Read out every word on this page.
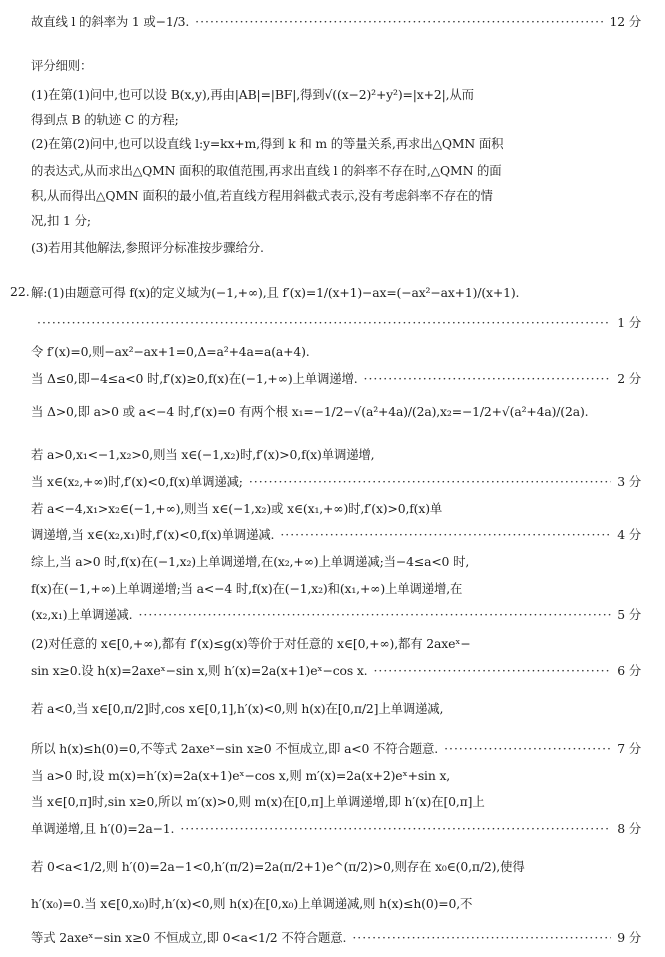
故直线 l 的斜率为 1 或−1/3. ·····	12 分
评分细则：
(1)在第(1)问中,也可以设 B(x,y),再由|AB|=|BF|,得到√((x−2)²+y²)=|x+2|,从而
得到点 B 的轨迹 C 的方程;
(2)在第(2)问中,也可以设直线 l:y=kx+m,得到 k 和 m 的等量关系,再求出△QMN 面积
的表达式,从而求出△QMN 面积的取值范围,再求出直线 l 的斜率不存在时,△QMN 的面
积,从而得出△QMN 面积的最小值,若直线方程用斜截式表示,没有考虑斜率不存在的情
况,扣 1 分;
(3)若用其他解法,参照评分标准按步骤给分.
22. 解:(1)由题意可得 f(x)的定义域为(−1,+∞),且 f′(x)=1/(x+1)−ax=(−ax²−ax+1)/(x+1).
·····
1 分
令 f′(x)=0,则−ax²−ax+1=0,Δ=a²+4a=a(a+4).
当 Δ≤0,即−4≤a<0 时,f′(x)≥0,f(x)在(−1,+∞)上单调递增. ·····	2 分
当 Δ>0,即 a>0 或 a<−4 时,f′(x)=0 有两个根 x₁=−1/2−√(a²+4a)/(2a),x₂=−1/2+√(a²+4a)/(2a).
若 a>0,x₁<−1,x₂>0,则当 x∈(−1,x₂)时,f′(x)>0,f(x)单调递增,
当 x∈(x₂,+∞)时,f′(x)<0,f(x)单调递减; ·····	3 分
若 a<−4,x₁>x₂∈(−1,+∞),则当 x∈(−1,x₂)或 x∈(x₁,+∞)时,f′(x)>0,f(x)单
调递增,当 x∈(x₂,x₁)时,f′(x)<0,f(x)单调递减. ·····	4 分
综上,当 a>0 时,f(x)在(−1,x₂)上单调递增,在(x₂,+∞)上单调递减;当−4≤a<0 时,
f(x)在(−1,+∞)上单调递增;当 a<−4 时,f(x)在(−1,x₂)和(x₁,+∞)上单调递增,在
(x₂,x₁)上单调递减. ·····	5 分
(2)对任意的 x∈[0,+∞),都有 f′(x)≤g(x)等价于对任意的 x∈[0,+∞),都有 2axeˣ−
sin x≥0.设 h(x)=2axeˣ−sin x,则 h′(x)=2a(x+1)eˣ−cos x. ·····	6 分
若 a<0,当 x∈[0,π/2]时,cos x∈[0,1],h′(x)<0,则 h(x)在[0,π/2]上单调递减,
所以 h(x)≤h(0)=0,不等式 2axeˣ−sin x≥0 不恒成立,即 a<0 不符合题意. ·····	7 分
当 a>0 时,设 m(x)=h′(x)=2a(x+1)eˣ−cos x,则 m′(x)=2a(x+2)eˣ+sin x,
当 x∈[0,π]时,sin x≥0,所以 m′(x)>0,则 m(x)在[0,π]上单调递增,即 h′(x)在[0,π]上
单调递增,且 h′(0)=2a−1. ·····	8 分
若 0<a<1/2,则 h′(0)=2a−1<0,h′(π/2)=2a(π/2+1)e^(π/2)>0,则存在 x₀∈(0,π/2),使得
h′(x₀)=0.当 x∈[0,x₀)时,h′(x)<0,则 h(x)在[0,x₀)上单调递减,则 h(x)≤h(0)=0,不
等式 2axeˣ−sin x≥0 不恒成立,即 0<a<1/2 不符合题意. ·····	9 分
